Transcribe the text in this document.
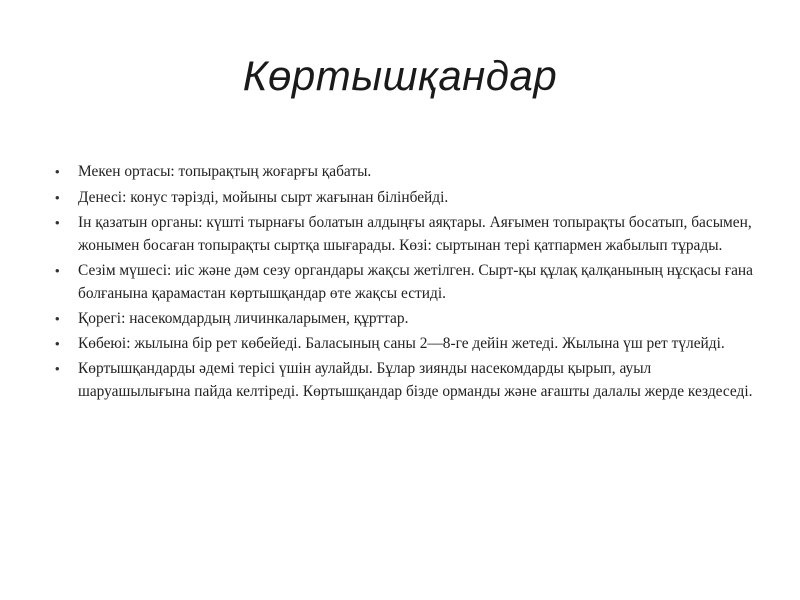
Көртышқандар
•	Мекен ортасы: топырақтың жоғарғы қабаты.
•	Денесі: конус тәрізді, мойыны сырт жағынан білінбейді.
•	Ін қазатын органы: күшті тырнағы болатын алдыңғы аяқтары. Аяғымен топырақты босатып, басымен, жонымен босаған топырақты сыртқа шығарады. Көзі: сыртынан тері қатпармен жабылып тұрады.
•	Сезім мүшесі: иіс және дәм сезу органдары жақсы жетілген. Сырт-қы құлақ қалқанының нұсқасы ғана болғанына қарамастан көртышқандар өте жақсы естиді.
•	Қорегі: насекомдардың личинкаларымен, құрттар.
•	Көбеюі: жылына бір рет көбейеді. Баласының саны 2—8-ге дейін жетеді. Жылына үш рет түлейді.
•	Көртышқандарды әдемі терісі үшін аулайды. Бұлар зиянды насекомдарды қырып, ауыл шаруашылығына пайда келтіреді. Көртышқандар бізде орманды және ағашты далалы жерде кездеседі.
